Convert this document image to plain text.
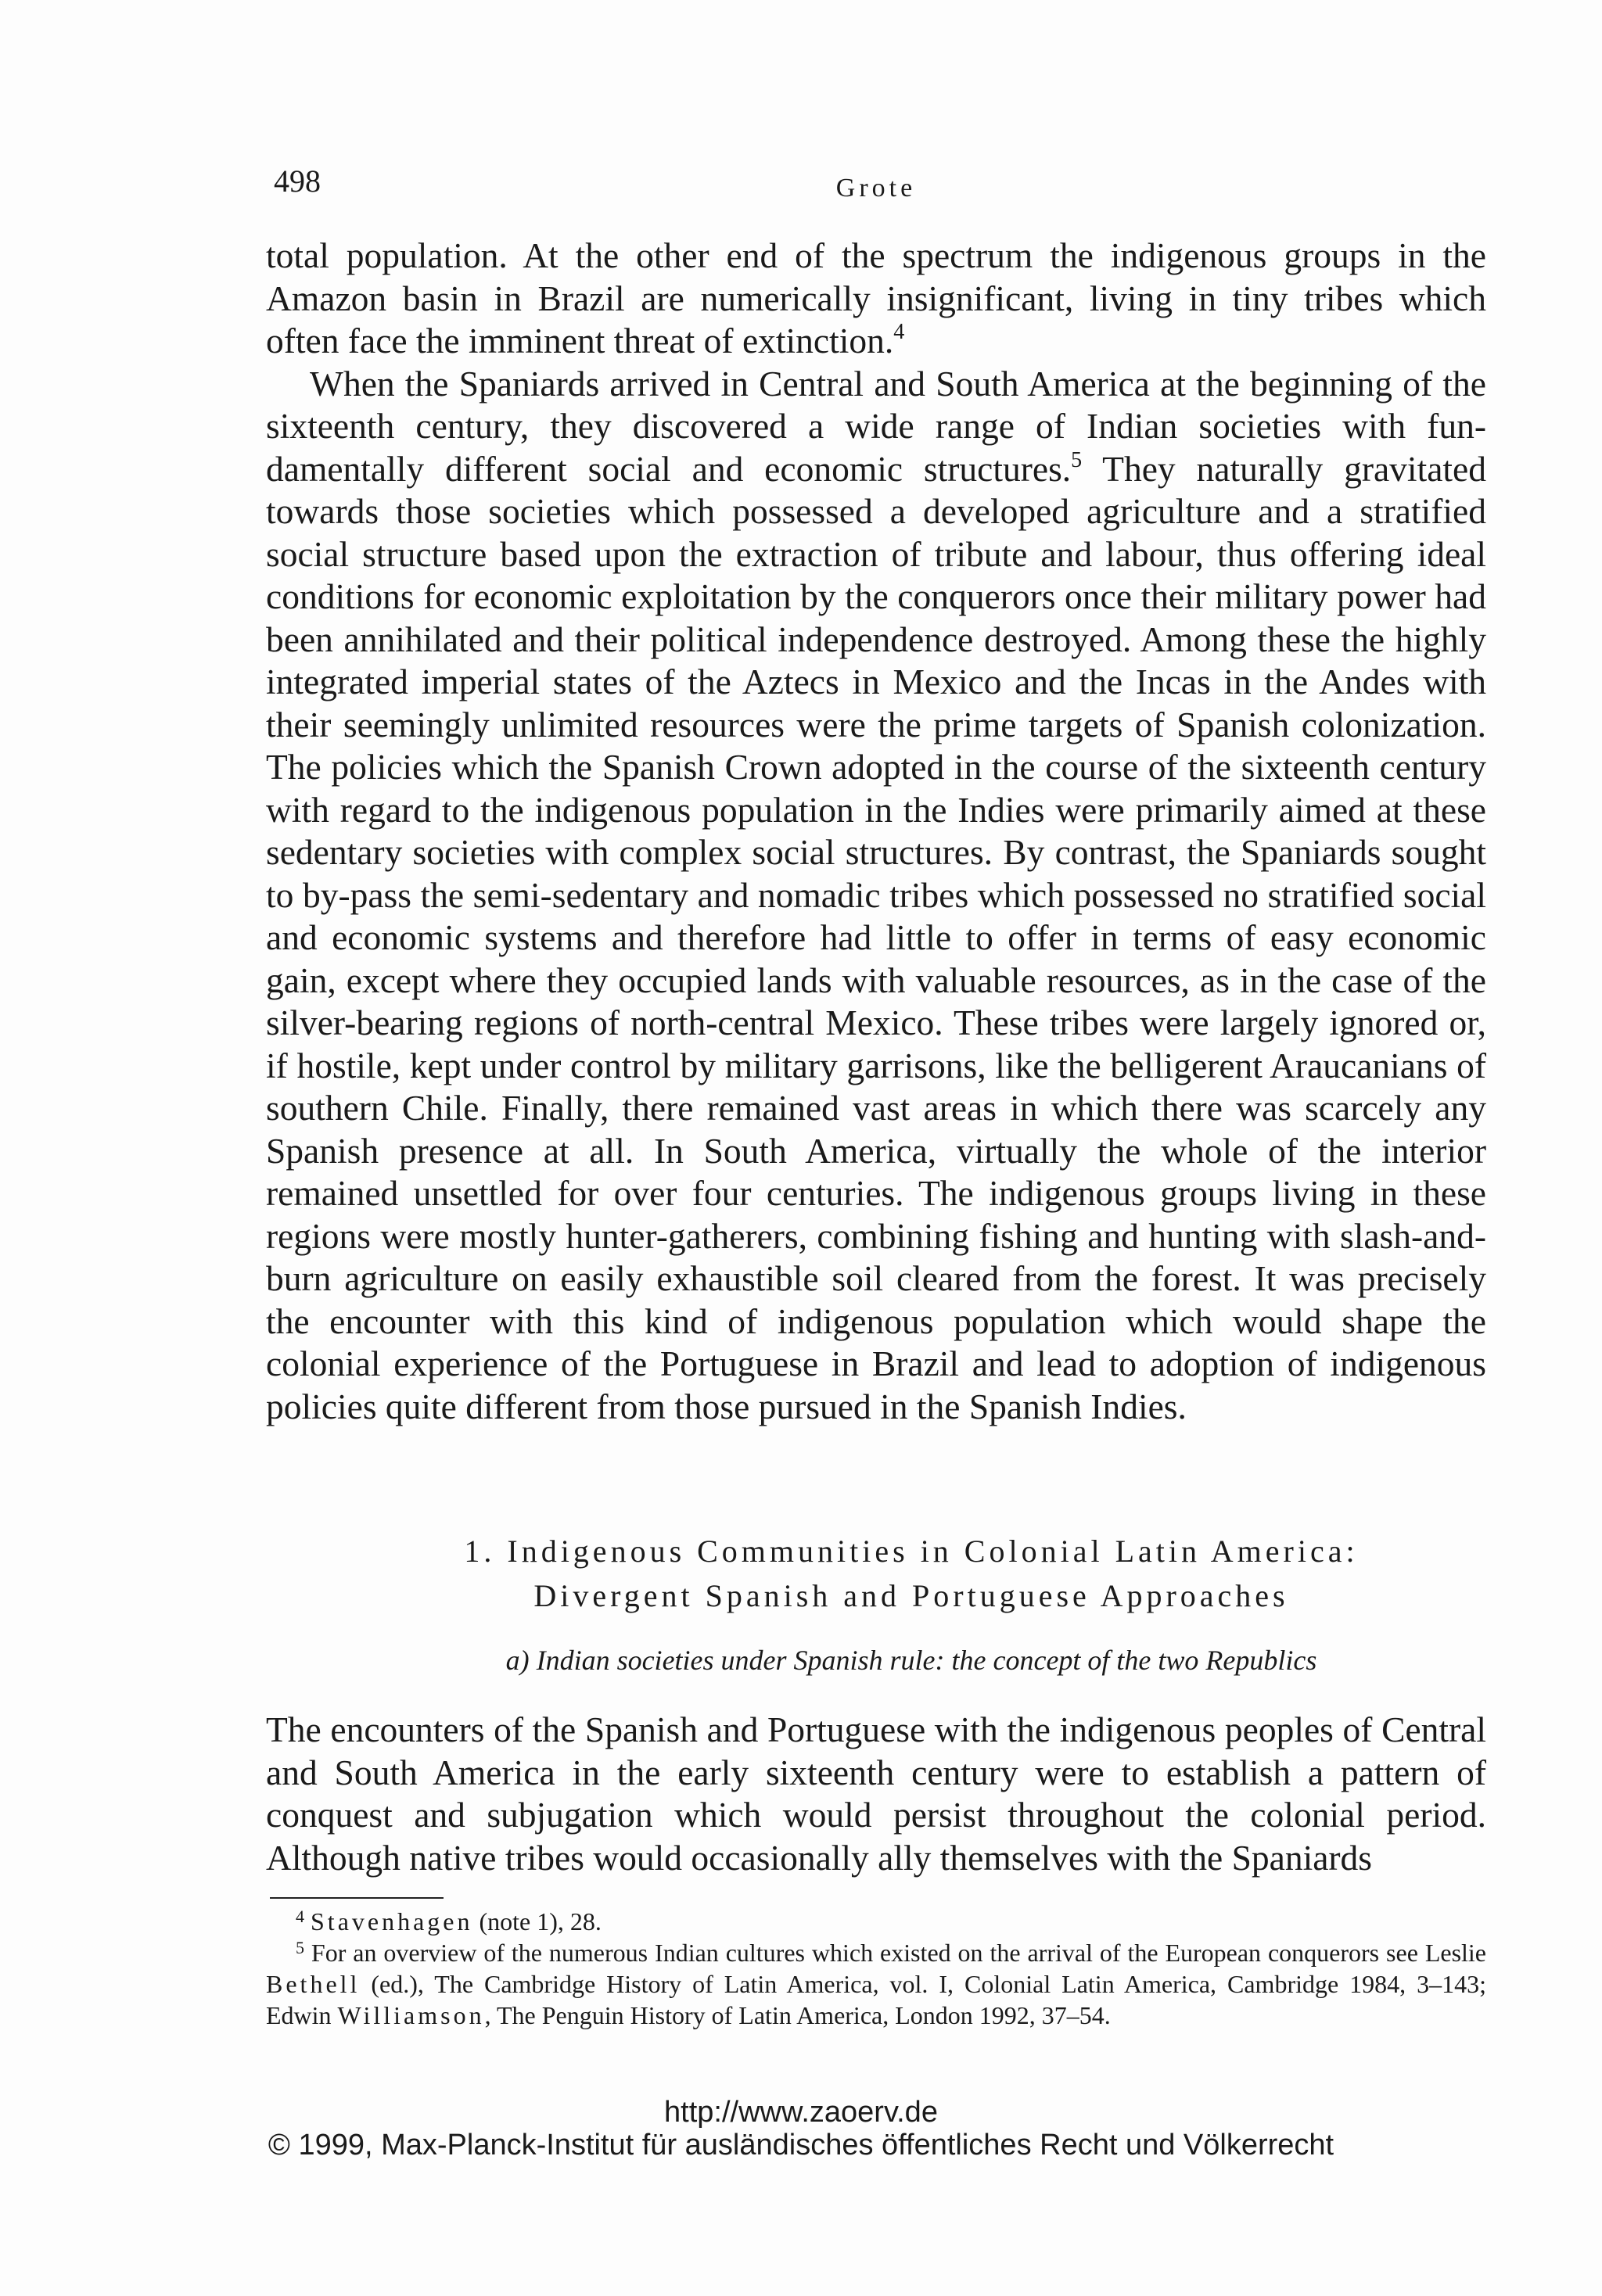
498	Grote

total population. At the other end of the spectrum the indigenous groups in the Amazon basin in Brazil are numerically insignificant, living in tiny tribes which often face the imminent threat of extinction.$^4$

When the Spaniards arrived in Central and South America at the beginning of the sixteenth century, they discovered a wide range of Indian societies with fundamentally different social and economic structures.$^5$ They naturally gravitated towards those societies which possessed a developed agriculture and a stratified social structure based upon the extraction of tribute and labour, thus offering ideal conditions for economic exploitation by the conquerors once their military power had been annihilated and their political independence destroyed. Among these the highly integrated imperial states of the Aztecs in Mexico and the Incas in the Andes with their seemingly unlimited resources were the prime targets of Spanish colonization. The policies which the Spanish Crown adopted in the course of the sixteenth century with regard to the indigenous population in the Indies were primarily aimed at these sedentary societies with complex social structures. By contrast, the Spaniards sought to by-pass the semi-sedentary and nomadic tribes which possessed no stratified social and economic systems and therefore had little to offer in terms of easy economic gain, except where they occupied lands with valuable resources, as in the case of the silver-bearing regions of north-central Mexico. These tribes were largely ignored or, if hostile, kept under control by military garrisons, like the belligerent Araucanians of southern Chile. Finally, there remained vast areas in which there was scarcely any Spanish presence at all. In South America, virtually the whole of the interior remained unsettled for over four centuries. The indigenous groups living in these regions were mostly hunter-gatherers, combining fishing and hunting with slash-and-burn agriculture on easily exhaustible soil cleared from the forest. It was precisely the encounter with this kind of indigenous population which would shape the colonial experience of the Portuguese in Brazil and lead to adoption of indigenous policies quite different from those pursued in the Spanish Indies.

1. Indigenous Communities in Colonial Latin America:
Divergent Spanish and Portuguese Approaches
a) Indian societies under Spanish rule: the concept of the two Republics

The encounters of the Spanish and Portuguese with the indigenous peoples of Central and South America in the early sixteenth century were to establish a pattern of conquest and subjugation which would persist throughout the colonial period. Although native tribes would occasionally ally themselves with the Spaniards

$^4$ Stavenhagen (note 1), 28.

$^5$ For an overview of the numerous Indian cultures which existed on the arrival of the European conquerors see Leslie Bethell (ed.), The Cambridge History of Latin America, vol. I, Colonial Latin America, Cambridge 1984, 3–143; Edwin Williamson, The Penguin History of Latin America, London 1992, 37–54.

http://www.zaoerv.de
© 1999, Max-Planck-Institut für ausländisches öffentliches Recht und Völkerrecht
